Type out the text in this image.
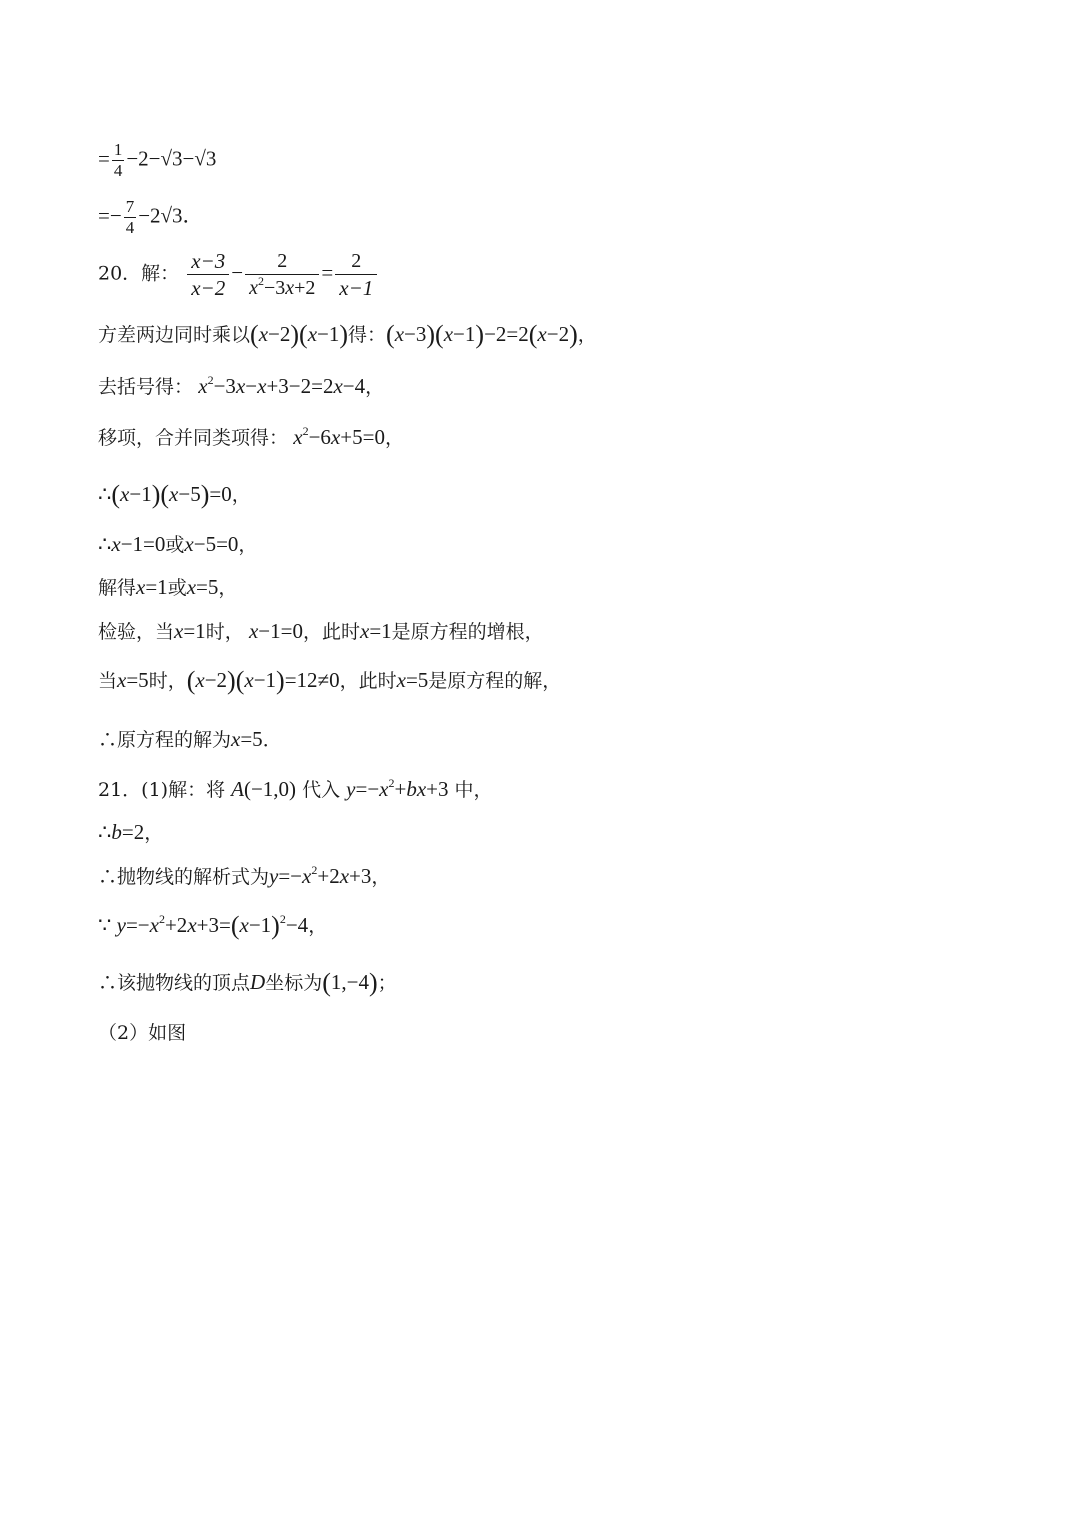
= $\frac{1}{4} -2-√3-√3$
=− $\frac{7}{4} -2√3$．
20．解： $\frac{x-3}{x-2} - \frac{2}{x^2-3x+2} = \frac{2}{x-1}$
方差两边同时乘以(x−2)(x−1)得：(x−3)(x−1)−2=2(x−2)，
去括号得： $x^2-3x-x+3-2=2x-4$，
移项，合并同类项得： $x^2-6x+5=0$，
∴(x−1)(x−5)=0，
∴x−1=0或x−5=0，
解得x=1或x=5，
检验，当x=1时， x−1=0，此时x=1是原方程的增根，
当x=5时，(x−2)(x−1)=12≠0，此时x=5是原方程的解，
∴原方程的解为x=5．
21．(1)解：将 A(−1,0) 代入 $y=-x^2+bx+3$ 中，
∴b=2，
∴抛物线的解析式为$y=-x^2+2x+3$，
∵ $y=-x^2+2x+3=(x-1)^2-4$，
∴该抛物线的顶点D坐标为(1,−4)；
（2）如图
